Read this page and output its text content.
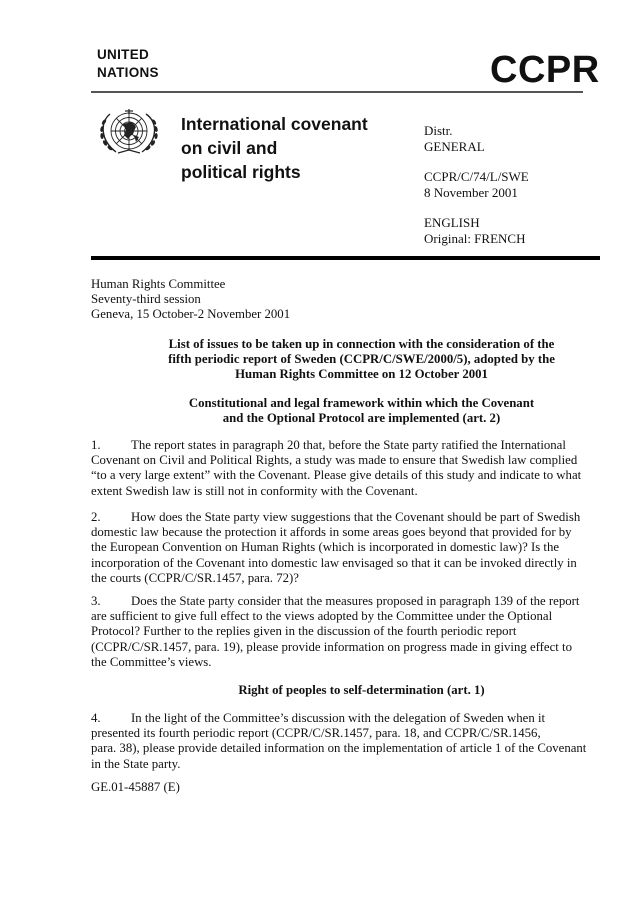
UNITED
NATIONS	CCPR
International covenant
on civil and
political rights
Distr.
GENERAL
CCPR/C/74/L/SWE
8 November 2001
ENGLISH
Original: FRENCH
Human Rights Committee
Seventy-third session
Geneva, 15 October-2 November 2001
List of issues to be taken up in connection with the consideration of the
fifth periodic report of Sweden (CCPR/C/SWE/2000/5), adopted by the
Human Rights Committee on 12 October 2001
Constitutional and legal framework within which the Covenant
and the Optional Protocol are implemented (art. 2)
1. The report states in paragraph 20 that, before the State party ratified the International
Covenant on Civil and Political Rights, a study was made to ensure that Swedish law complied
“to a very large extent” with the Covenant. Please give details of this study and indicate to what
extent Swedish law is still not in conformity with the Covenant.
2. How does the State party view suggestions that the Covenant should be part of Swedish
domestic law because the protection it affords in some areas goes beyond that provided for by
the European Convention on Human Rights (which is incorporated in domestic law)? Is the
incorporation of the Covenant into domestic law envisaged so that it can be invoked directly in
the courts (CCPR/C/SR.1457, para. 72)?
3. Does the State party consider that the measures proposed in paragraph 139 of the report
are sufficient to give full effect to the views adopted by the Committee under the Optional
Protocol? Further to the replies given in the discussion of the fourth periodic report
(CCPR/C/SR.1457, para. 19), please provide information on progress made in giving effect to
the Committee’s views.
Right of peoples to self-determination (art. 1)
4. In the light of the Committee’s discussion with the delegation of Sweden when it
presented its fourth periodic report (CCPR/C/SR.1457, para. 18, and CCPR/C/SR.1456,
para. 38), please provide detailed information on the implementation of article 1 of the Covenant
in the State party.
GE.01-45887 (E)
